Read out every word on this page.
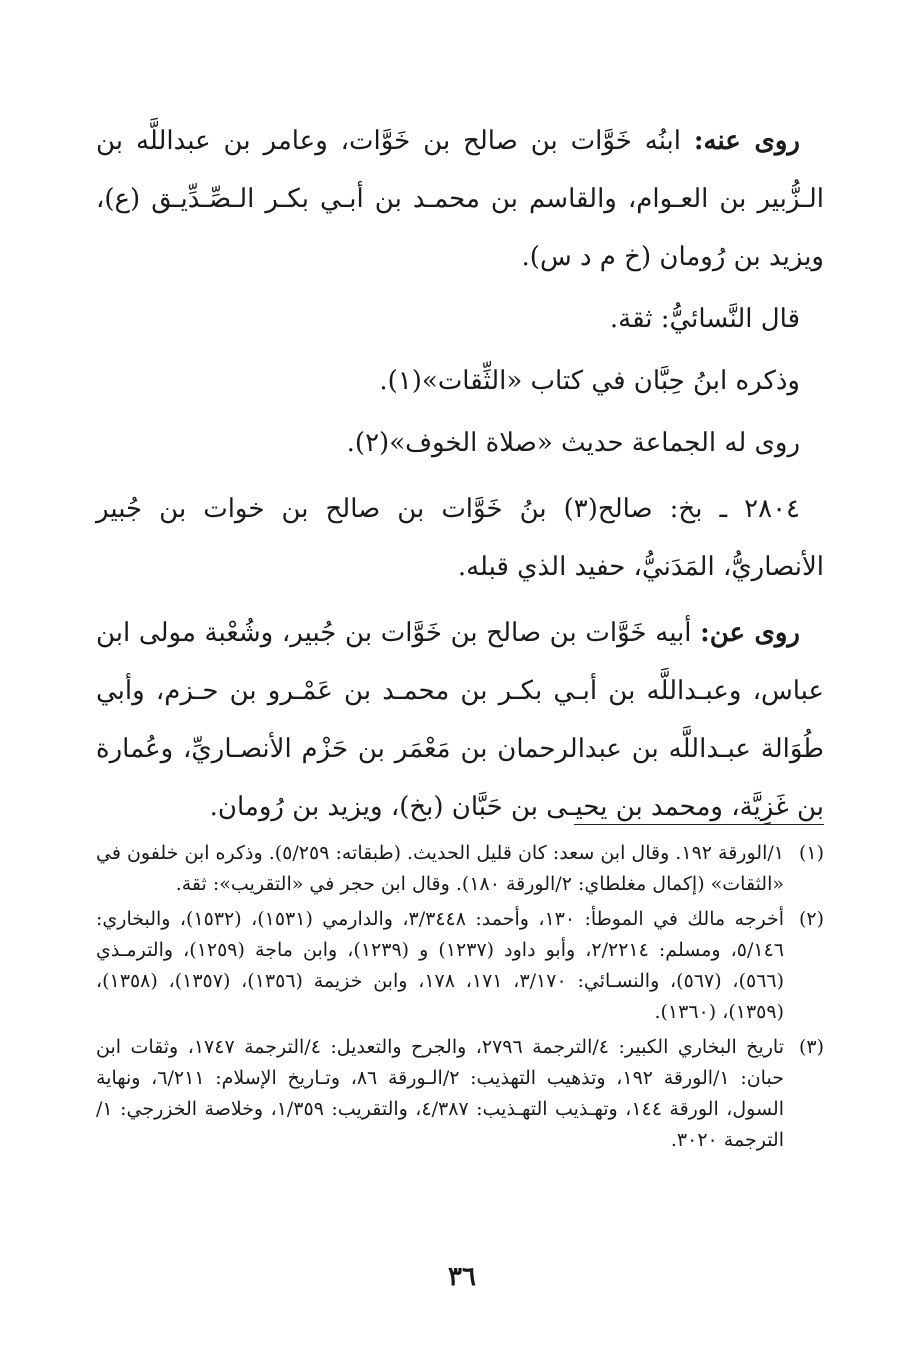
روى عنه: ابنُه خَوَّات بن صالح بن خَوَّات، وعامر بن عبداللَّه بن الـزُّبير بن العـوام، والقاسم بن محمـد بن أبـي بكـر الـصِّـدِّيـق (ع)، ويزيد بن رُومان (خ م د س).

قال النَّسائيُّ: ثقة.

وذكره ابنُ حِبَّان في كتاب «الثِّقات»(١).

روى له الجماعة حديث «صلاة الخوف»(٢).

٢٨٠٤ ـ بخ: صالح(٣) بنُ خَوَّات بن صالح بن خوات بن جُبير الأنصاريُّ، المَدَنيُّ، حفيد الذي قبله.

روى عن: أبيه خَوَّات بن صالح بن خَوَّات بن جُبير، وشُعْبة مولى ابن عباس، وعبـداللَّه بن أبـي بكـر بن محمـد بن عَمْـرو بن حـزم، وأبي طُوَالة عبـداللَّه بن عبدالرحمان بن مَعْمَر بن حَزْم الأنصـاريِّ، وعُمارة بن غَزِيَّة، ومحمد بن يحيـى بن حَبَّان (بخ)، ويزيد بن رُومان.

(١)
١/الورقة ١٩٢. وقال ابن سعد: كان قليل الحديث. (طبقاته: ٥/٢٥٩). وذكره ابن خلفون في «الثقات» (إكمال مغلطاي: ٢/الورقة ١٨٠). وقال ابن حجر في «التقريب»: ثقة.
(٢)
أخرجه مالك في الموطأ: ١٣٠، وأحمد: ٣/٣٤٤٨، والدارمي (١٥٣١)، (١٥٣٢)، والبخاري: ٥/١٤٦، ومسلم: ٢/٢٢١٤، وأبو داود (١٢٣٧) و (١٢٣٩)، وابن ماجة (١٢٥٩)، والترمـذي (٥٦٦)، (٥٦٧)، والنسـائي: ٣/١٧٠، ١٧١، ١٧٨، وابن خزيمة (١٣٥٦)، (١٣٥٧)، (١٣٥٨)، (١٣٥٩)، (١٣٦٠).
(٣)
تاريخ البخاري الكبير: ٤/الترجمة ٢٧٩٦، والجرح والتعديل: ٤/الترجمة ١٧٤٧، وثقات ابن حبان: ١/الورقة ١٩٢، وتذهيب التهذيب: ٢/الـورقة ٨٦، وتـاريخ الإسلام: ٦/٢١١، ونهاية السول، الورقة ١٤٤، وتهـذيب التهـذيب: ٤/٣٨٧، والتقريب: ١/٣٥٩، وخلاصة الخزرجي: ١/الترجمة ٣٠٢٠.
٣٦
